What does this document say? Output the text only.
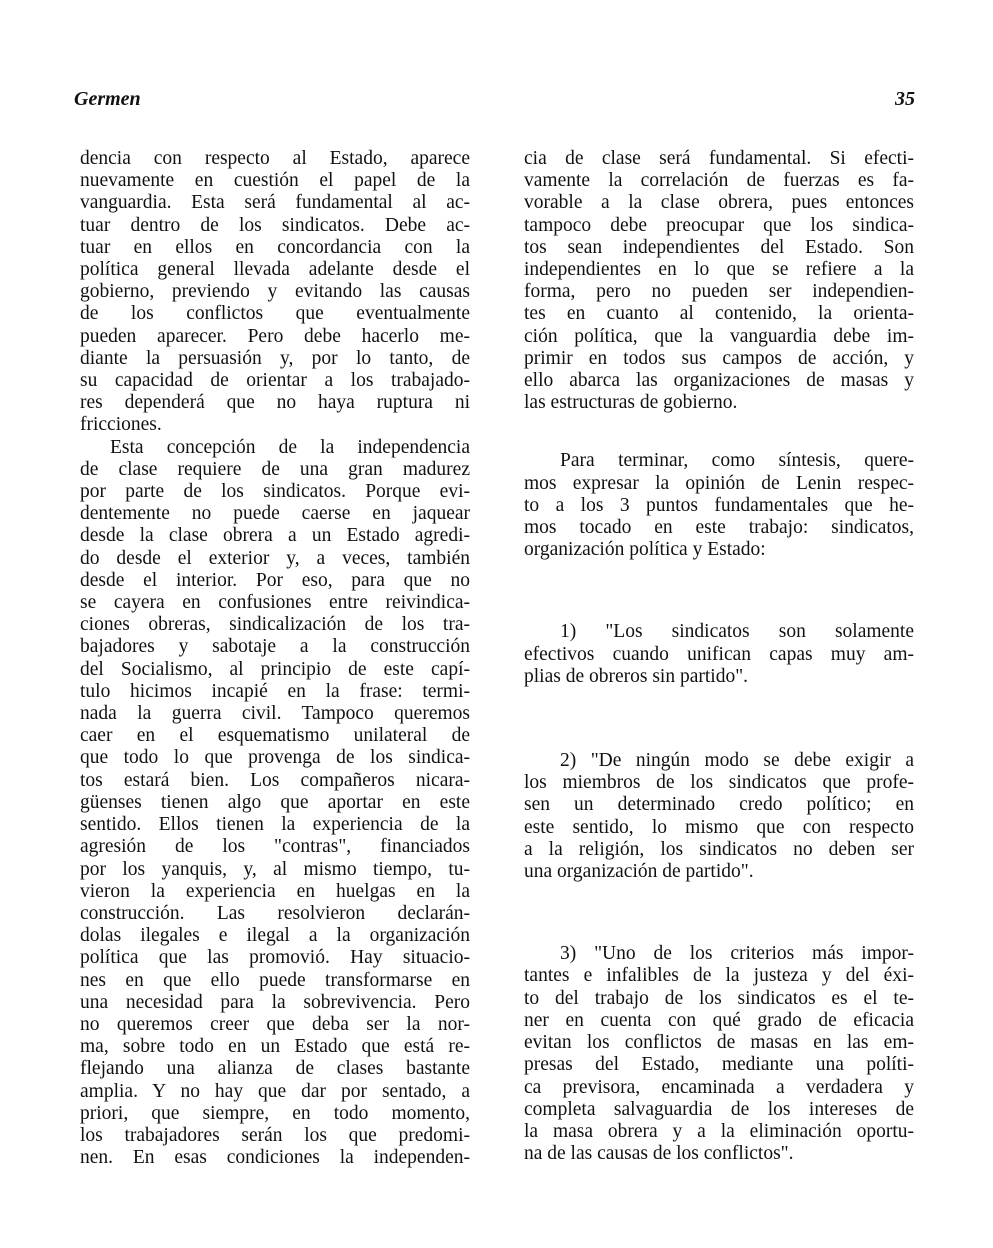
Germen	35
dencia con respecto al Estado, aparece
nuevamente en cuestión el papel de la
vanguardia. Esta será fundamental al ac-
tuar dentro de los sindicatos. Debe ac-
tuar en ellos en concordancia con la
política general llevada adelante desde el
gobierno, previendo y evitando las causas
de los conflictos que eventualmente
pueden aparecer. Pero debe hacerlo me-
diante la persuasión y, por lo tanto, de
su capacidad de orientar a los trabajado-
res dependerá que no haya ruptura ni
fricciones.
Esta concepción de la independencia
de clase requiere de una gran madurez
por parte de los sindicatos. Porque evi-
dentemente no puede caerse en jaquear
desde la clase obrera a un Estado agredi-
do desde el exterior y, a veces, también
desde el interior. Por eso, para que no
se cayera en confusiones entre reivindica-
ciones obreras, sindicalización de los tra-
bajadores y sabotaje a la construcción
del Socialismo, al principio de este capí-
tulo hicimos incapié en la frase: termi-
nada la guerra civil. Tampoco queremos
caer en el esquematismo unilateral de
que todo lo que provenga de los sindica-
tos estará bien. Los compañeros nicara-
güenses tienen algo que aportar en este
sentido. Ellos tienen la experiencia de la
agresión de los "contras", financiados
por los yanquis, y, al mismo tiempo, tu-
vieron la experiencia en huelgas en la
construcción. Las resolvieron declarán-
dolas ilegales e ilegal a la organización
política que las promovió. Hay situacio-
nes en que ello puede transformarse en
una necesidad para la sobrevivencia. Pero
no queremos creer que deba ser la nor-
ma, sobre todo en un Estado que está re-
flejando una alianza de clases bastante
amplia. Y no hay que dar por sentado, a
priori, que siempre, en todo momento,
los trabajadores serán los que predomi-
nen. En esas condiciones la independen-
cia de clase será fundamental. Si efecti-
vamente la correlación de fuerzas es fa-
vorable a la clase obrera, pues entonces
tampoco debe preocupar que los sindica-
tos sean independientes del Estado. Son
independientes en lo que se refiere a la
forma, pero no pueden ser independien-
tes en cuanto al contenido, la orienta-
ción política, que la vanguardia debe im-
primir en todos sus campos de acción, y
ello abarca las organizaciones de masas y
las estructuras de gobierno.
Para terminar, como síntesis, quere-
mos expresar la opinión de Lenin respec-
to a los 3 puntos fundamentales que he-
mos tocado en este trabajo: sindicatos,
organización política y Estado:
1) "Los sindicatos son solamente
efectivos cuando unifican capas muy am-
plias de obreros sin partido".
2) "De ningún modo se debe exigir a
los miembros de los sindicatos que profe-
sen un determinado credo político; en
este sentido, lo mismo que con respecto
a la religión, los sindicatos no deben ser
una organización de partido".
3) "Uno de los criterios más impor-
tantes e infalibles de la justeza y del éxi-
to del trabajo de los sindicatos es el te-
ner en cuenta con qué grado de eficacia
evitan los conflictos de masas en las em-
presas del Estado, mediante una políti-
ca previsora, encaminada a verdadera y
completa salvaguardia de los intereses de
la masa obrera y a la eliminación oportu-
na de las causas de los conflictos".
